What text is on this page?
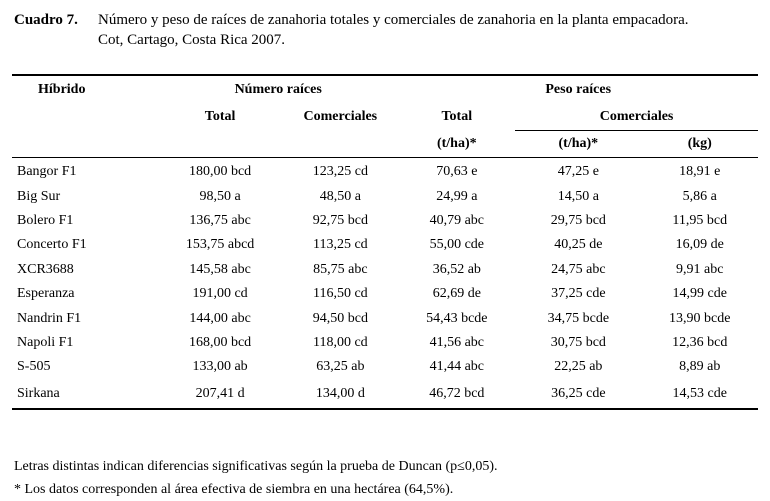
Cuadro 7. Número y peso de raíces de zanahoria totales y comerciales de zanahoria en la planta empacadora.
Cot, Cartago, Costa Rica 2007.
Híbrido	Número raíces		Peso raíces		
	Total	Comerciales	Total	Comerciales	
			(t/ha)*	(t/ha)*	(kg)
Bangor F1	180,00 bcd	123,25 cd	70,63 e	47,25 e	18,91 e
Big Sur	98,50 a	48,50 a	24,99 a	14,50 a	5,86 a
Bolero F1	136,75 abc	92,75 bcd	40,79 abc	29,75 bcd	11,95 bcd
Concerto F1	153,75 abcd	113,25 cd	55,00 cde	40,25 de	16,09 de
XCR3688	145,58 abc	85,75 abc	36,52 ab	24,75 abc	9,91 abc
Esperanza	191,00 cd	116,50 cd	62,69 de	37,25 cde	14,99 cde
Nandrin F1	144,00 abc	94,50 bcd	54,43 bcde	34,75 bcde	13,90 bcde
Napoli F1	168,00 bcd	118,00 cd	41,56 abc	30,75 bcd	12,36 bcd
S-505	133,00 ab	63,25 ab	41,44 abc	22,25 ab	8,89 ab
Sirkana	207,41 d	134,00 d	46,72 bcd	36,25 cde	14,53 cde
Letras distintas indican diferencias significativas según la prueba de Duncan (p≤0,05).
* Los datos corresponden al área efectiva de siembra en una hectárea (64,5%).
